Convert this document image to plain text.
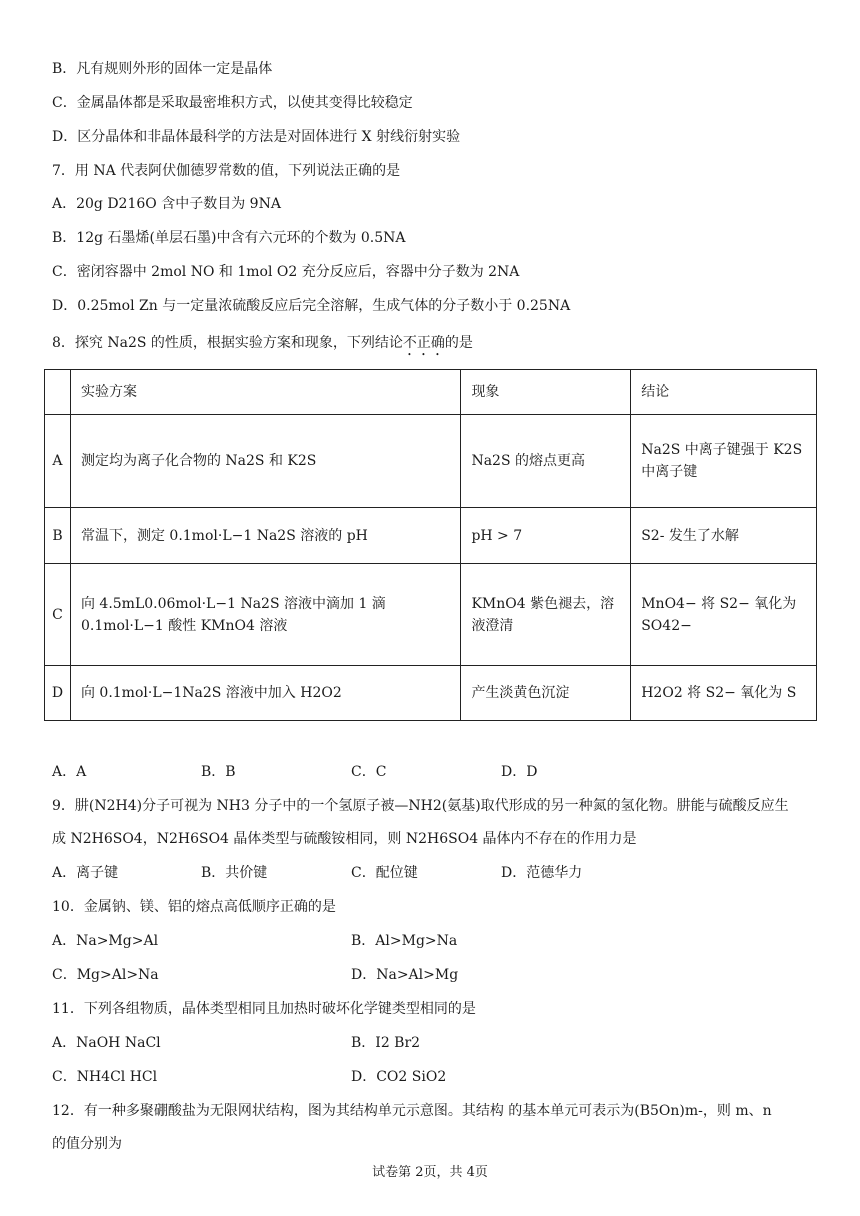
B．凡有规则外形的固体一定是晶体
C．金属晶体都是采取最密堆积方式，以使其变得比较稳定
D．区分晶体和非晶体最科学的方法是对固体进行 X 射线衍射实验
7．用 NA 代表阿伏伽德罗常数的值，下列说法正确的是
A．20g D216O 含中子数目为 9NA
B．12g 石墨烯(单层石墨)中含有六元环的个数为 0.5NA
C．密闭容器中 2mol NO 和 1mol O2 充分反应后，容器中分子数为 2NA
D．0.25mol Zn 与一定量浓硫酸反应后完全溶解，生成气体的分子数小于 0.25NA
8．探究 Na2S 的性质，根据实验方案和现象，下列结论不正确的是
	实验方案	现象	结论
A	测定均为离子化合物的 Na2S 和 K2S	Na2S 的熔点更高	Na2S 中离子键强于 K2S 中离子键
B	常温下，测定 0.1mol·L−1 Na2S 溶液的 pH	pH > 7	S2- 发生了水解
C	向 4.5mL0.06mol·L−1 Na2S 溶液中滴加 1 滴 0.1mol·L−1 酸性 KMnO4 溶液	KMnO4 紫色褪去，溶液澄清	MnO4− 将 S2− 氧化为 SO42−
D	向 0.1mol·L−1Na2S 溶液中加入 H2O2	产生淡黄色沉淀	H2O2 将 S2− 氧化为 S
A．A	B．B	C．C	D．D
9．肼(N2H4)分子可视为 NH3 分子中的一个氢原子被—NH2(氨基)取代形成的另一种氮的氢化物。肼能与硫酸反应生
成 N2H6SO4，N2H6SO4 晶体类型与硫酸铵相同，则 N2H6SO4 晶体内不存在的作用力是
A．离子键	B．共价键	C．配位键	D．范德华力
10．金属钠、镁、铝的熔点高低顺序正确的是
A．Na>Mg>Al	B．Al>Mg>Na
C．Mg>Al>Na	D．Na>Al>Mg
11．下列各组物质，晶体类型相同且加热时破坏化学键类型相同的是
A．NaOH NaCl	B．I2 Br2
C．NH4Cl HCl	D．CO2 SiO2
12．有一种多聚硼酸盐为无限网状结构，图为其结构单元示意图。其结构 的基本单元可表示为(B5On)m-，则 m、n
的值分别为
试卷第 2页，共 4页
